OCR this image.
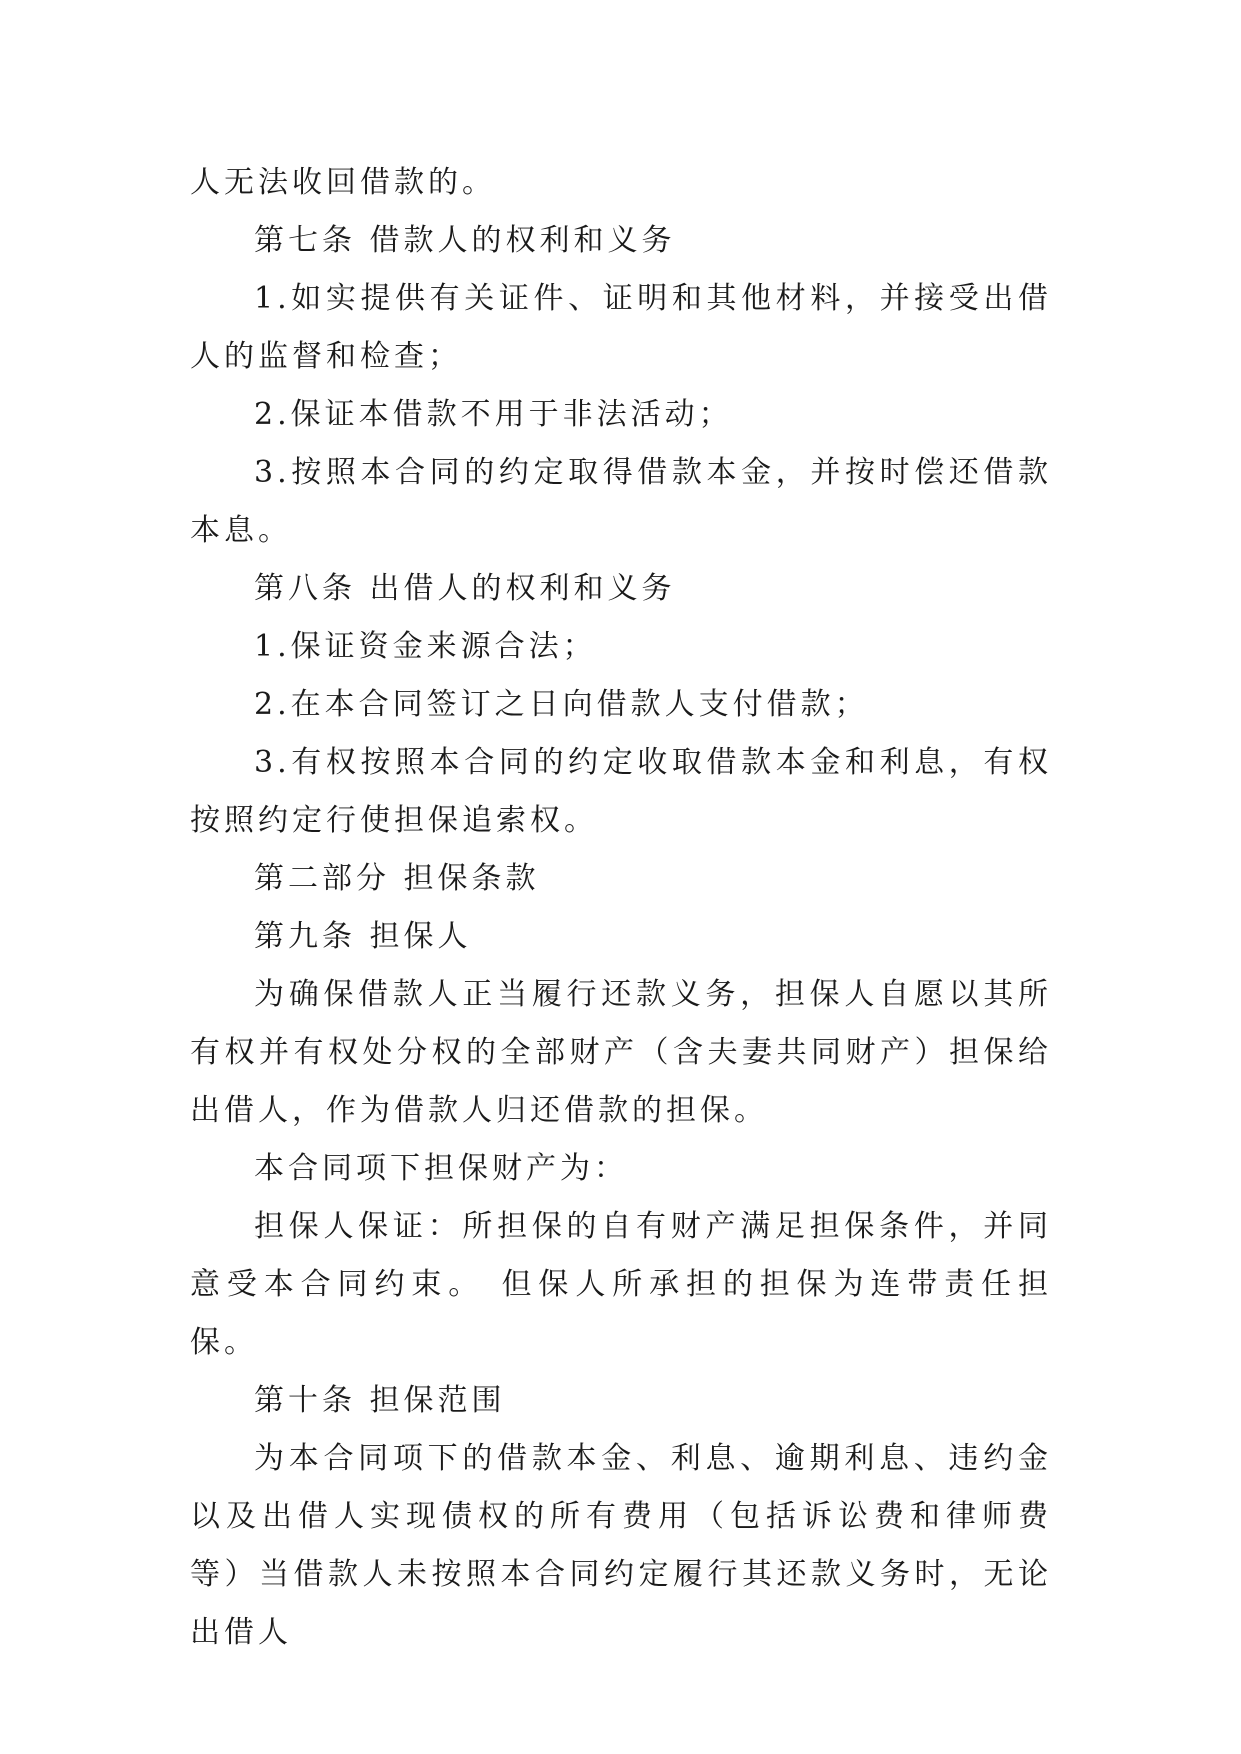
人无法收回借款的。

第七条 借款人的权利和义务

1.如实提供有关证件、证明和其他材料，并接受出借人的监督和检查；

2.保证本借款不用于非法活动；

3.按照本合同的约定取得借款本金，并按时偿还借款本息。

第八条 出借人的权利和义务

1.保证资金来源合法；

2.在本合同签订之日向借款人支付借款；

3.有权按照本合同的约定收取借款本金和利息，有权按照约定行使担保追索权。

第二部分 担保条款

第九条 担保人

为确保借款人正当履行还款义务，担保人自愿以其所有权并有权处分权的全部财产（含夫妻共同财产）担保给出借人，作为借款人归还借款的担保。

本合同项下担保财产为：

担保人保证：所担保的自有财产满足担保条件，并同意受本合同约束。 但保人所承担的担保为连带责任担保。

第十条 担保范围

为本合同项下的借款本金、利息、逾期利息、违约金以及出借人实现债权的所有费用（包括诉讼费和律师费等）当借款人未按照本合同约定履行其还款义务时，无论出借人
